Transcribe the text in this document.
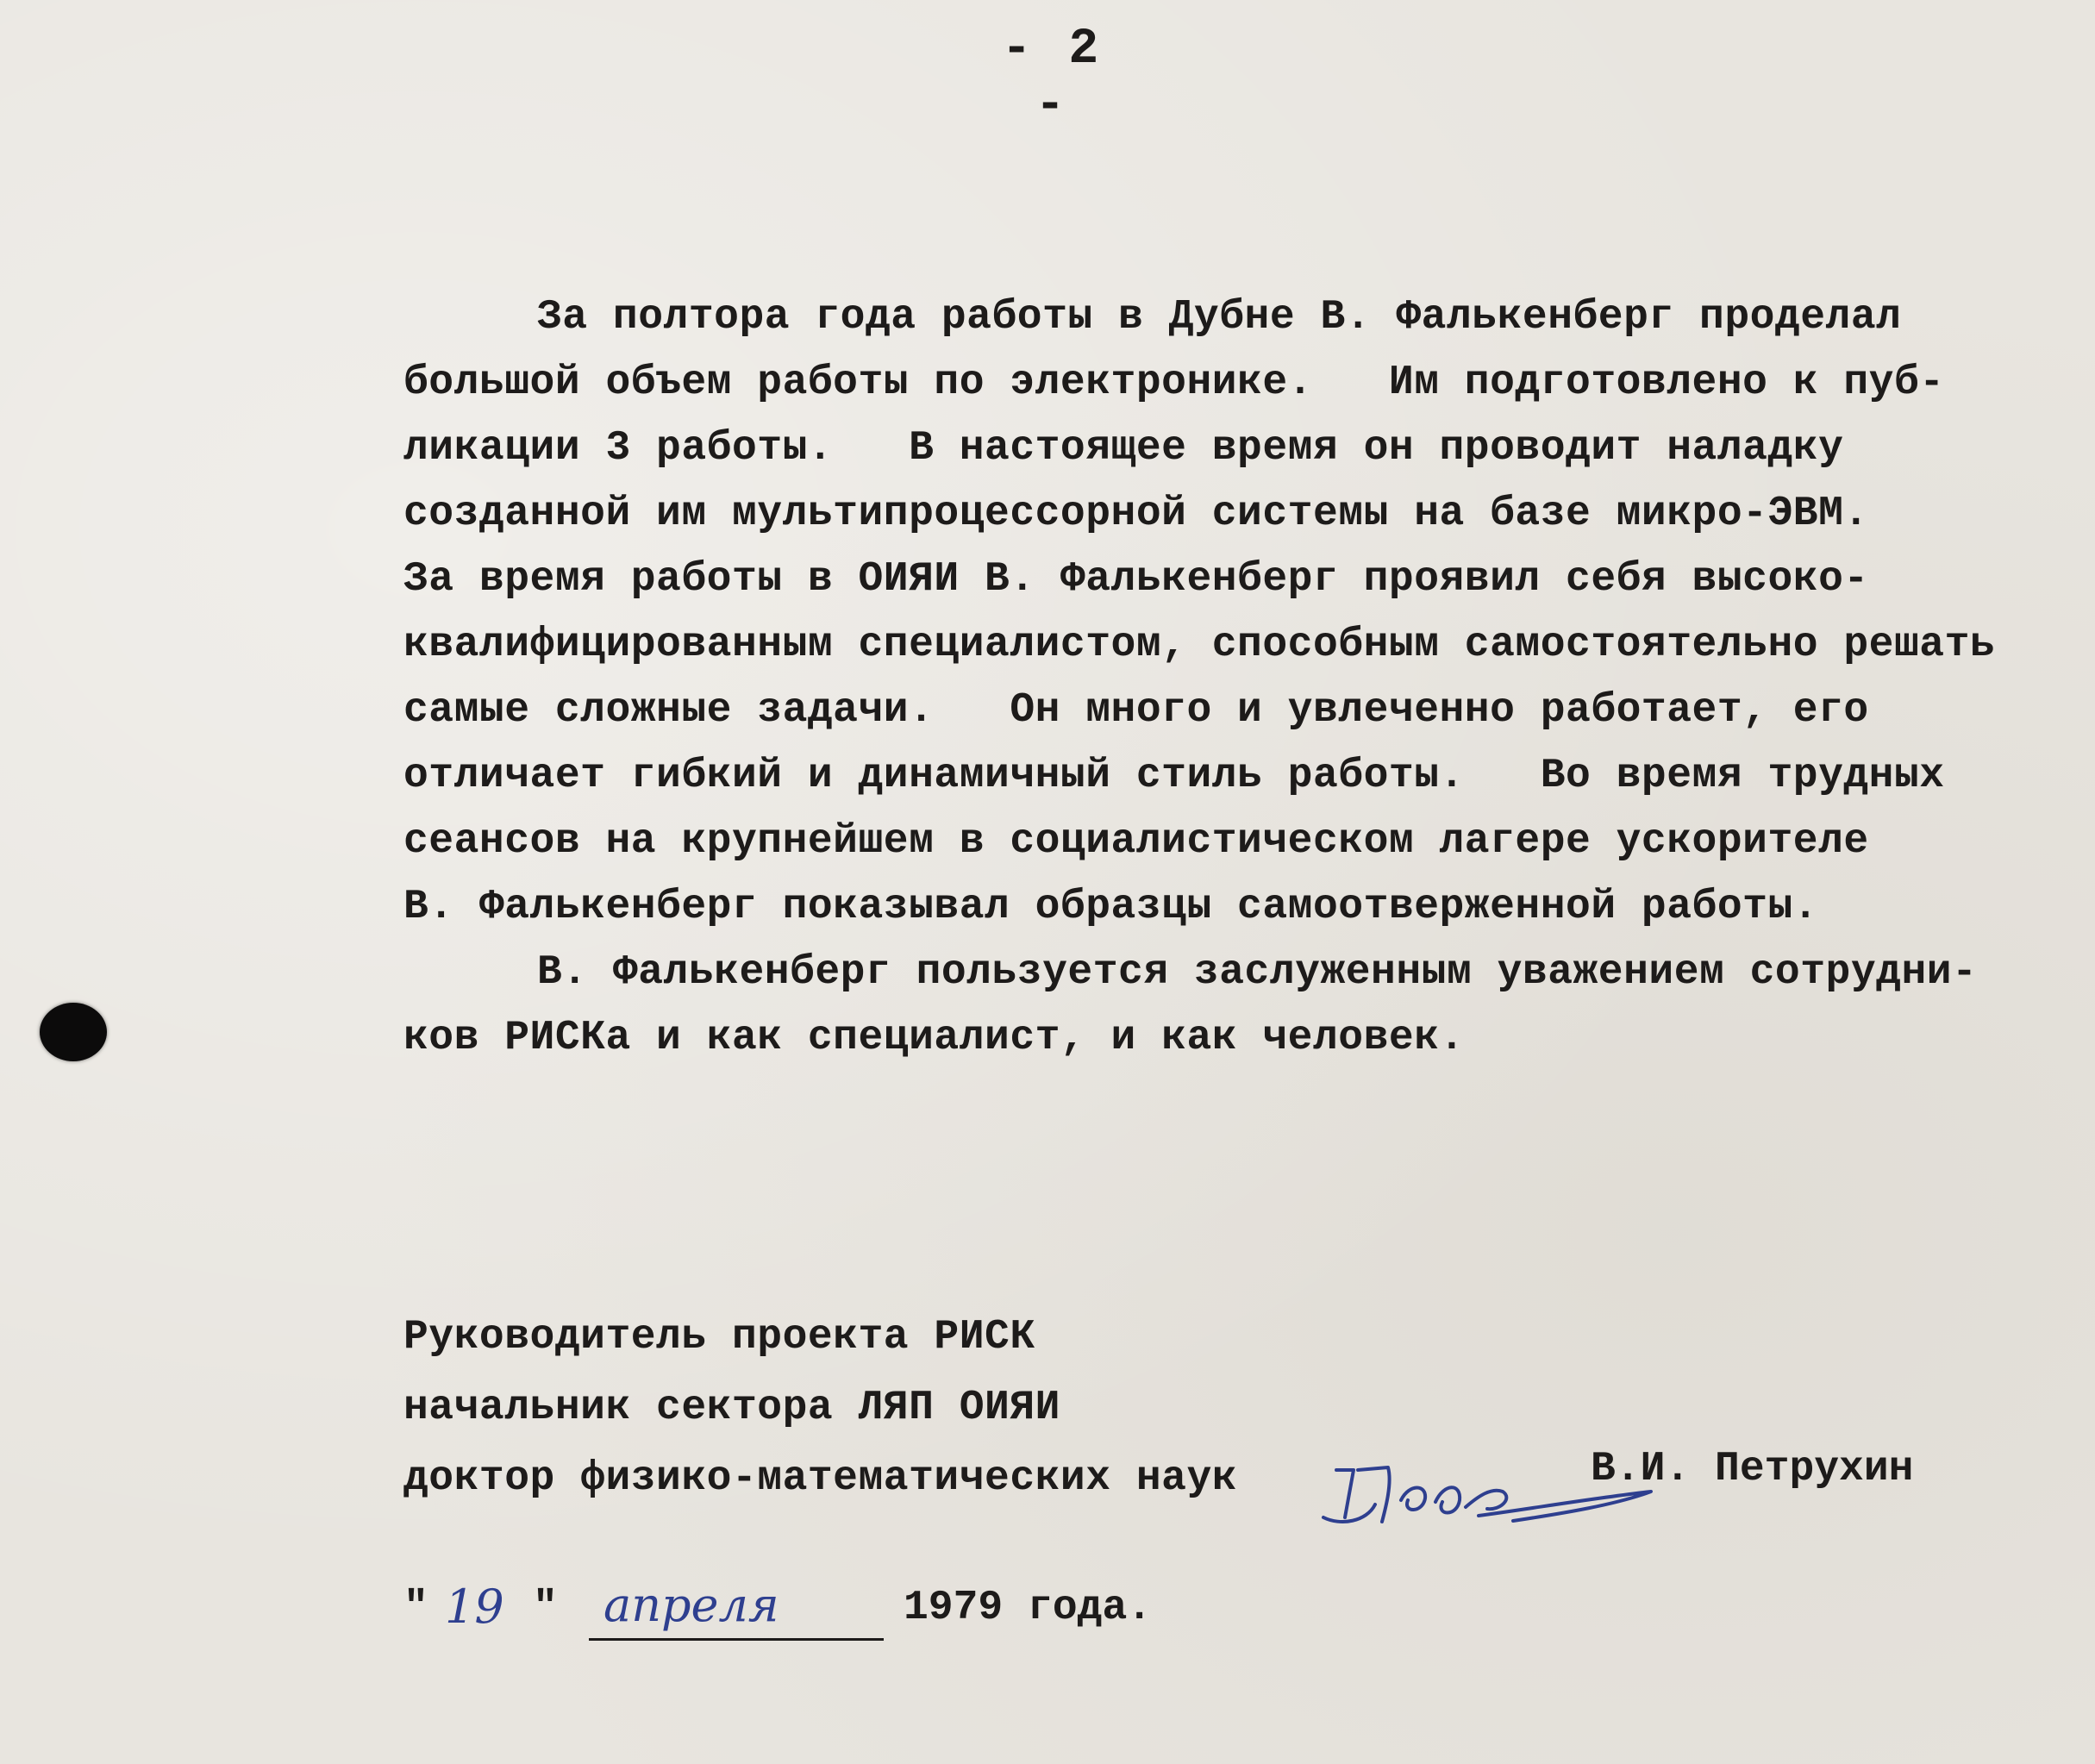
- 2 -
За полтора года работы в Дубне В. Фалькенберг проделал
большой объем работы по электронике.   Им подготовлено к пуб-
ликации 3 работы.   В настоящее время он проводит наладку
созданной им мультипроцессорной системы на базе микро-ЭВМ.
За время работы в ОИЯИ В. Фалькенберг проявил себя высоко-
квалифицированным специалистом, способным самостоятельно решать
самые сложные задачи.   Он много и увлеченно работает, его
отличает гибкий и динамичный стиль работы.   Во время трудных
сеансов на крупнейшем в социалистическом лагере ускорителе
В. Фалькенберг показывал образцы самоотверженной работы.
В. Фалькенберг пользуется заслуженным уважением сотрудни-
ков РИСКа и как специалист, и как человек.
Руководитель проекта РИСК
начальник сектора ЛЯП ОИЯИ
доктор физико-математических наук	В.И. Петрухин
" 19 " апреля	1979 года.
